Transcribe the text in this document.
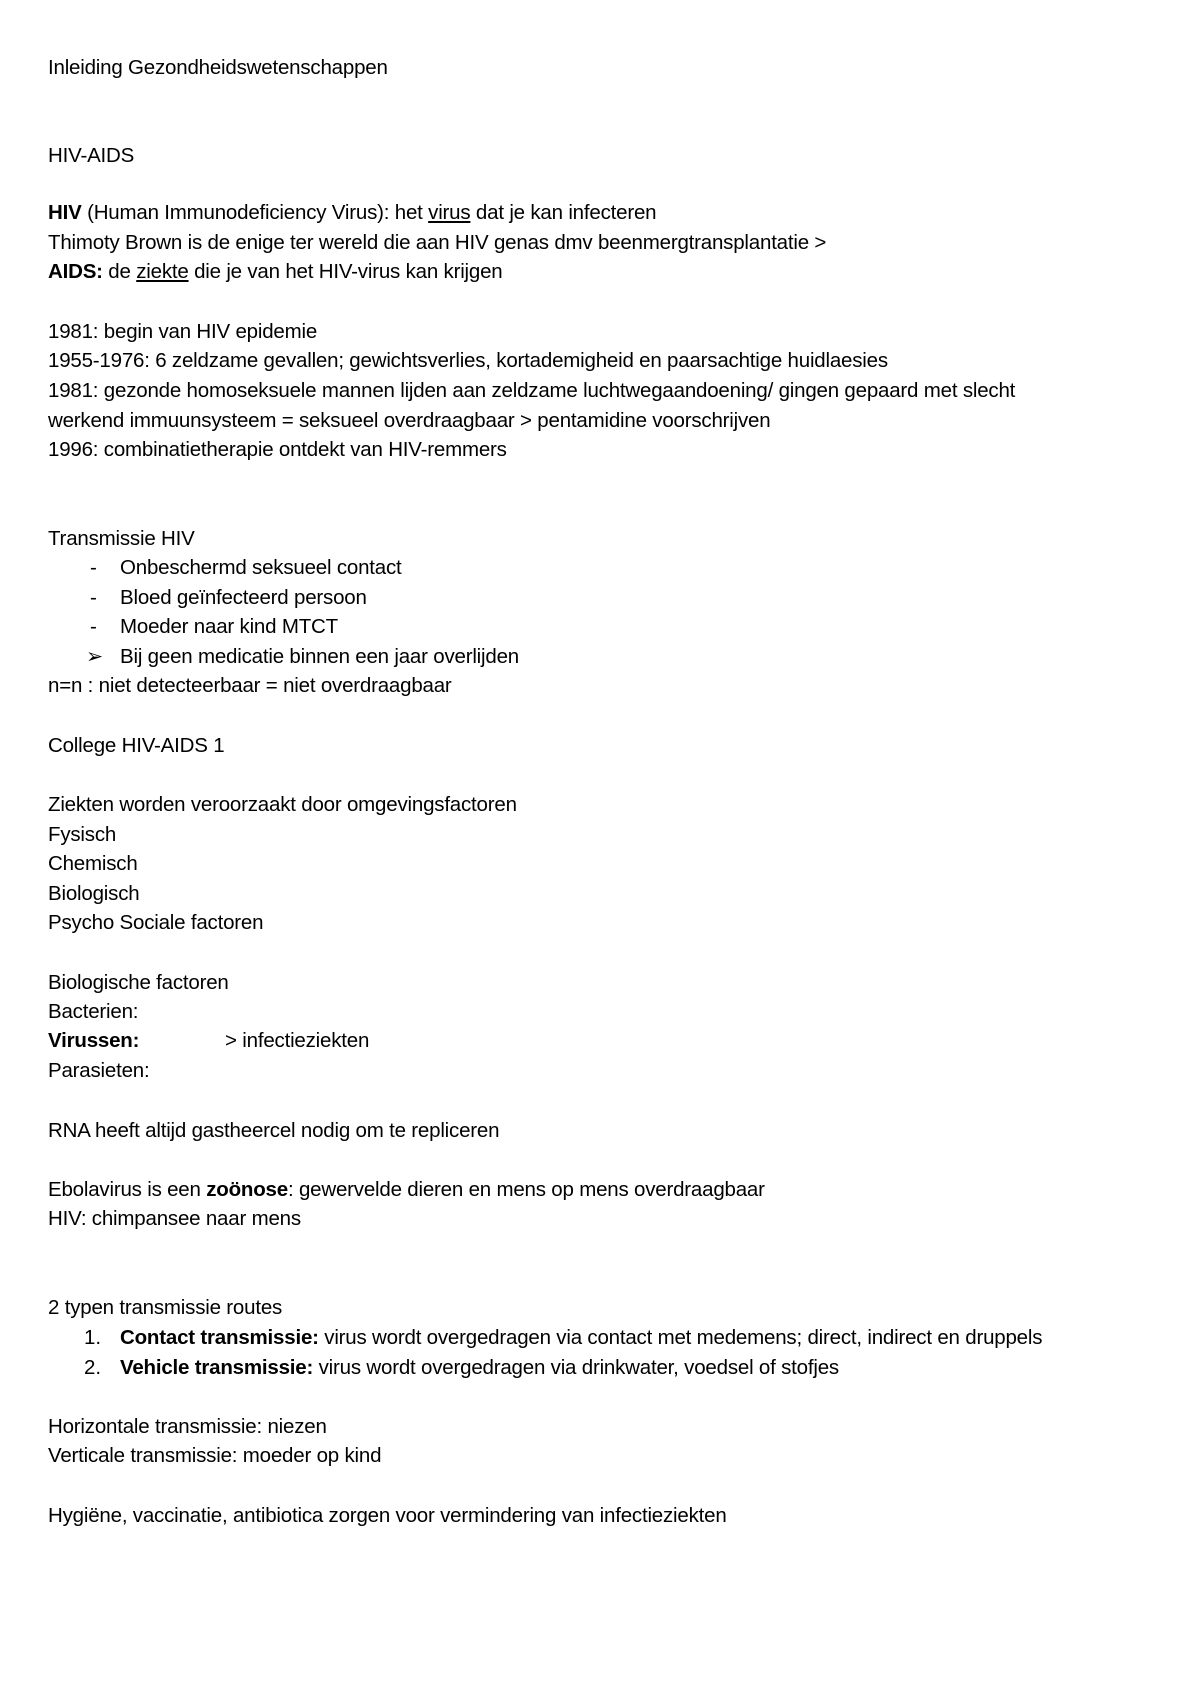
Inleiding Gezondheidswetenschappen
HIV-AIDS
HIV (Human Immunodeficiency Virus): het virus dat je kan infecteren
Thimoty Brown is de enige ter wereld die aan HIV genas dmv beenmergtransplantatie >
AIDS: de ziekte die je van het HIV-virus kan krijgen
1981: begin van HIV epidemie
1955-1976: 6 zeldzame gevallen; gewichtsverlies, kortademigheid en paarsachtige huidlaesies
1981: gezonde homoseksuele mannen lijden aan zeldzame luchtwegaandoening/ gingen gepaard met slecht
werkend immuunsysteem = seksueel overdraagbaar > pentamidine voorschrijven
1996: combinatietherapie ontdekt van HIV-remmers
Transmissie HIV
- Onbeschermd seksueel contact
- Bloed geïnfecteerd persoon
- Moeder naar kind MTCT
➢ Bij geen medicatie binnen een jaar overlijden
n=n : niet detecteerbaar = niet overdraagbaar
College HIV-AIDS 1
Ziekten worden veroorzaakt door omgevingsfactoren
Fysisch
Chemisch
Biologisch
Psycho Sociale factoren
Biologische factoren
Bacterien:
Virussen:	> infectieziekten
Parasieten:
RNA heeft altijd gastheercel nodig om te repliceren
Ebolavirus is een zoönose: gewervelde dieren en mens op mens overdraagbaar
HIV: chimpansee naar mens
2 typen transmissie routes
1. Contact transmissie: virus wordt overgedragen via contact met medemens; direct, indirect en druppels
2. Vehicle transmissie: virus wordt overgedragen via drinkwater, voedsel of stofjes
Horizontale transmissie: niezen
Verticale transmissie: moeder op kind
Hygiëne, vaccinatie, antibiotica zorgen voor vermindering van infectieziekten
